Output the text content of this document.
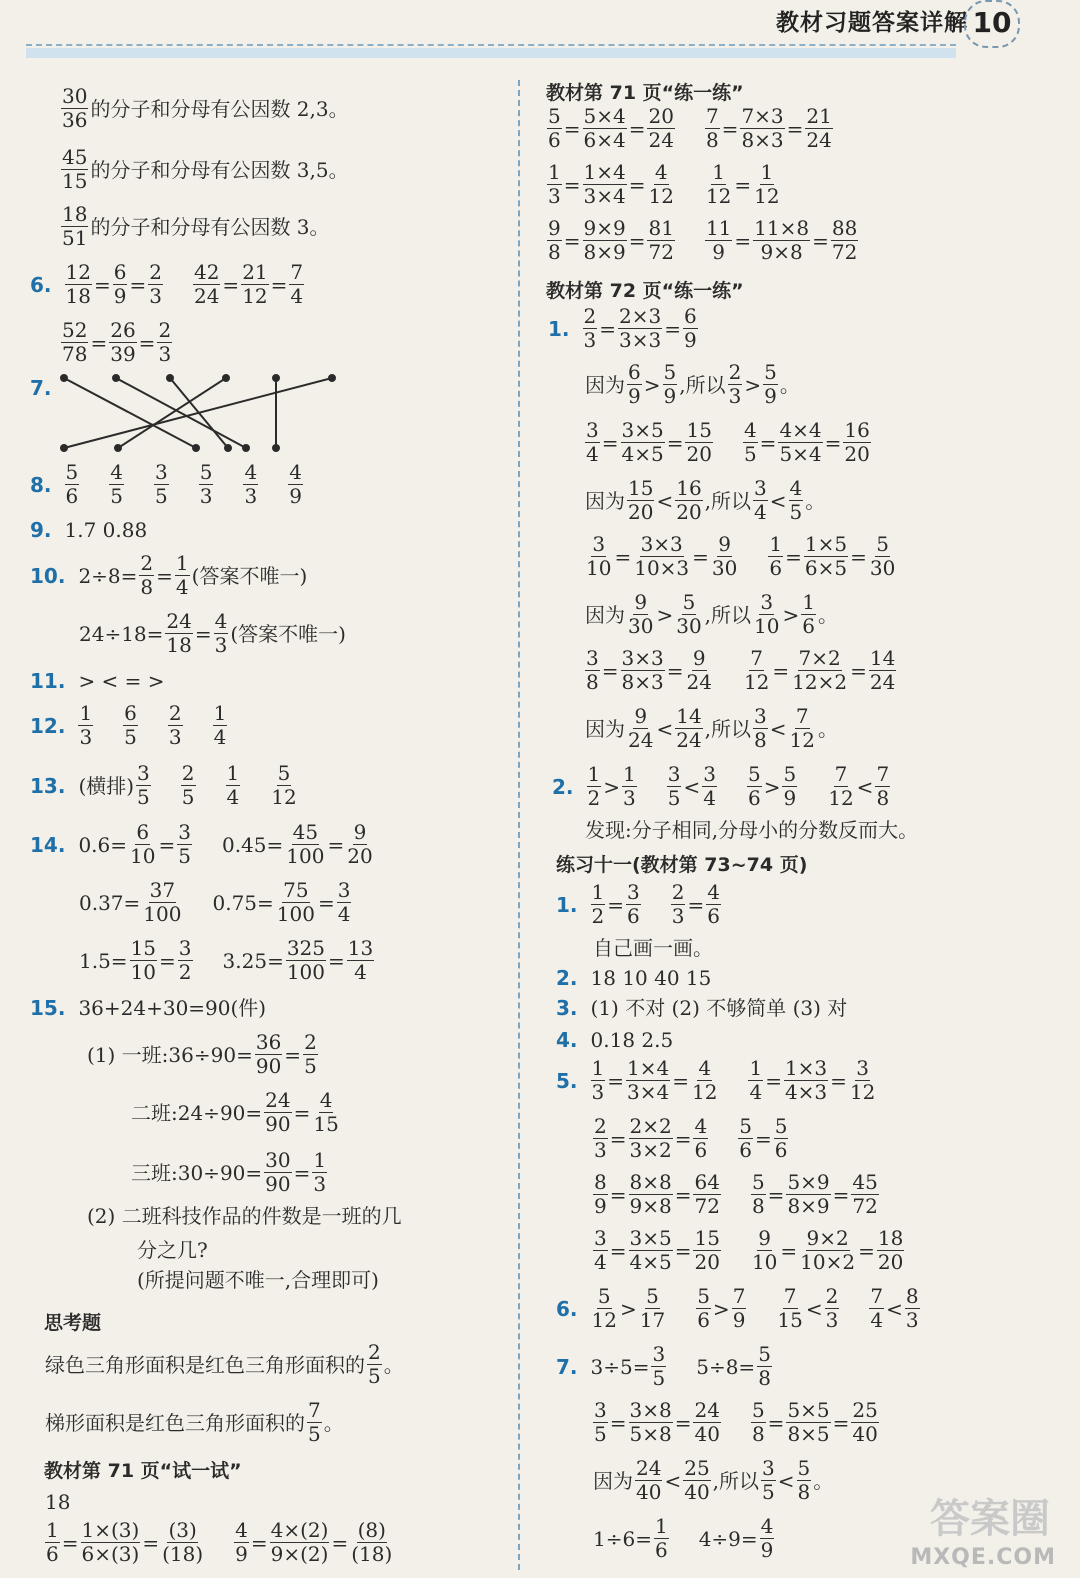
教材习题答案详解 10
$\frac{30}{36}$ 的分子和分母有公因数 2,3。
$\frac{45}{15}$ 的分子和分母有公因数 3,5。
$\frac{18}{51}$ 的分子和分母有公因数 3。
6. $\frac{12}{18} = \frac{6}{9} = \frac{2}{3} \frac{42}{24} = \frac{21}{12} = \frac{7}{4}$
$\frac{52}{78} = \frac{26}{39} = \frac{2}{3}$
7.
8. $\frac{5}{6} \frac{4}{5} \frac{3}{5} \frac{5}{3} \frac{4}{3} \frac{4}{9}$
9. 1.7 0.88
10. $2\div 8= \frac{2}{8} = \frac{1}{4}$ (答案不唯一)
$24\div 18= \frac{24}{18} = \frac{4}{3}$ (答案不唯一)
11. > < = >
12. $\frac{1}{3} \frac{6}{5} \frac{2}{3} \frac{1}{4}$
13. (横排) $\frac{3}{5} \frac{2}{5} \frac{1}{4} \frac{5}{12}$
14. $0.6= \frac{6}{10} = \frac{3}{5} 0.45= \frac{45}{100} = \frac{9}{20}$
$0.37= \frac{37}{100} 0.75= \frac{75}{100} = \frac{3}{4}$
$1.5= \frac{15}{10} = \frac{3}{2} 3.25= \frac{325}{100} = \frac{13}{4}$
15. 36+24+30=90(件)
(1) 一班:36÷90= $\frac{36}{90} = \frac{2}{5}$
二班:24÷90= $\frac{24}{90} = \frac{4}{15}$
三班:30÷90= $\frac{30}{90} = \frac{1}{3}$
(2) 二班科技作品的件数是一班的几
分之几?
(所提问题不唯一,合理即可)
绿色三角形面积是红色三角形面积的 $\frac{2}{5}$ 。
梯形面积是红色三角形面积的 $\frac{7}{5}$ 。
18
$\frac{1}{6} = \frac{1\times(3)}{6\times(3)} = \frac{(3)}{(18)} \frac{4}{9} = \frac{4\times(2)}{9\times(2)} = \frac{(8)}{(18)}$
$\frac{5}{6} = \frac{5\times 4}{6\times 4} = \frac{20}{24} \frac{7}{8} = \frac{7\times 3}{8\times 3} = \frac{21}{24}$
$\frac{1}{3} = \frac{1\times 4}{3\times 4} = \frac{4}{12} \frac{1}{12} = \frac{1}{12}$
$\frac{9}{8} = \frac{9\times 9}{8\times 9} = \frac{81}{72} \frac{11}{9} = \frac{11\times 8}{9\times 8} = \frac{88}{72}$
1. $\frac{2}{3} = \frac{2\times 3}{3\times 3} = \frac{6}{9}$
因为 $\frac{6}{9} > \frac{5}{9}$ ,所以 $\frac{2}{3} > \frac{5}{9}$ 。
$\frac{3}{4} = \frac{3\times 5}{4\times 5} = \frac{15}{20} \frac{4}{5} = \frac{4\times 4}{5\times 4} = \frac{16}{20}$
因为 $\frac{15}{20} < \frac{16}{20}$ ,所以 $\frac{3}{4} < \frac{4}{5}$ 。
$\frac{3}{10} = \frac{3\times 3}{10\times 3} = \frac{9}{30} \frac{1}{6} = \frac{1\times 5}{6\times 5} = \frac{5}{30}$
因为 $\frac{9}{30} > \frac{5}{30}$ ,所以 $\frac{3}{10} > \frac{1}{6}$ 。
$\frac{3}{8} = \frac{3\times 3}{8\times 3} = \frac{9}{24} \frac{7}{12} = \frac{7\times 2}{12\times 2} = \frac{14}{24}$
因为 $\frac{9}{24} < \frac{14}{24}$ ,所以 $\frac{3}{8} < \frac{7}{12}$ 。
2. $\frac{1}{2} > \frac{1}{3} \frac{3}{5} < \frac{3}{4} \frac{5}{6} > \frac{5}{9} \frac{7}{12} < \frac{7}{8}$
发现:分子相同,分母小的分数反而大。
1. $\frac{1}{2} = \frac{3}{6} \frac{2}{3} = \frac{4}{6}$
自己画一画。
2. 18 10 40 15
3. (1) 不对 (2) 不够简单 (3) 对
4. 0.18 2.5
5. $\frac{1}{3} = \frac{1\times 4}{3\times 4} = \frac{4}{12} \frac{1}{4} = \frac{1\times 3}{4\times 3} = \frac{3}{12}$
$\frac{2}{3} = \frac{2\times 2}{3\times 2} = \frac{4}{6} \frac{5}{6} = \frac{5}{6}$
$\frac{8}{9} = \frac{8\times 8}{9\times 8} = \frac{64}{72} \frac{5}{8} = \frac{5\times 9}{8\times 9} = \frac{45}{72}$
$\frac{3}{4} = \frac{3\times 5}{4\times 5} = \frac{15}{20} \frac{9}{10} = \frac{9\times 2}{10\times 2} = \frac{18}{20}$
6. $\frac{5}{12} > \frac{5}{17} \frac{5}{6} > \frac{7}{9} \frac{7}{15} < \frac{2}{3} \frac{7}{4} < \frac{8}{3}$
7. $3\div 5= \frac{3}{5} 5\div 8= \frac{5}{8}$
$\frac{3}{5} = \frac{3\times 8}{5\times 8} = \frac{24}{40} \frac{5}{8} = \frac{5\times 5}{8\times 5} = \frac{25}{40}$
因为 $\frac{24}{40} < \frac{25}{40}$ ,所以 $\frac{3}{5} < \frac{5}{8}$ 。
$1\div 6= \frac{1}{6} 4\div 9= \frac{4}{9}$
思考题
教材第 71 页“试一试”
教材第 71 页“练一练”
教材第 72 页“练一练”
练习十一(教材第 73~74 页)
答案圈
MXQE.COM
